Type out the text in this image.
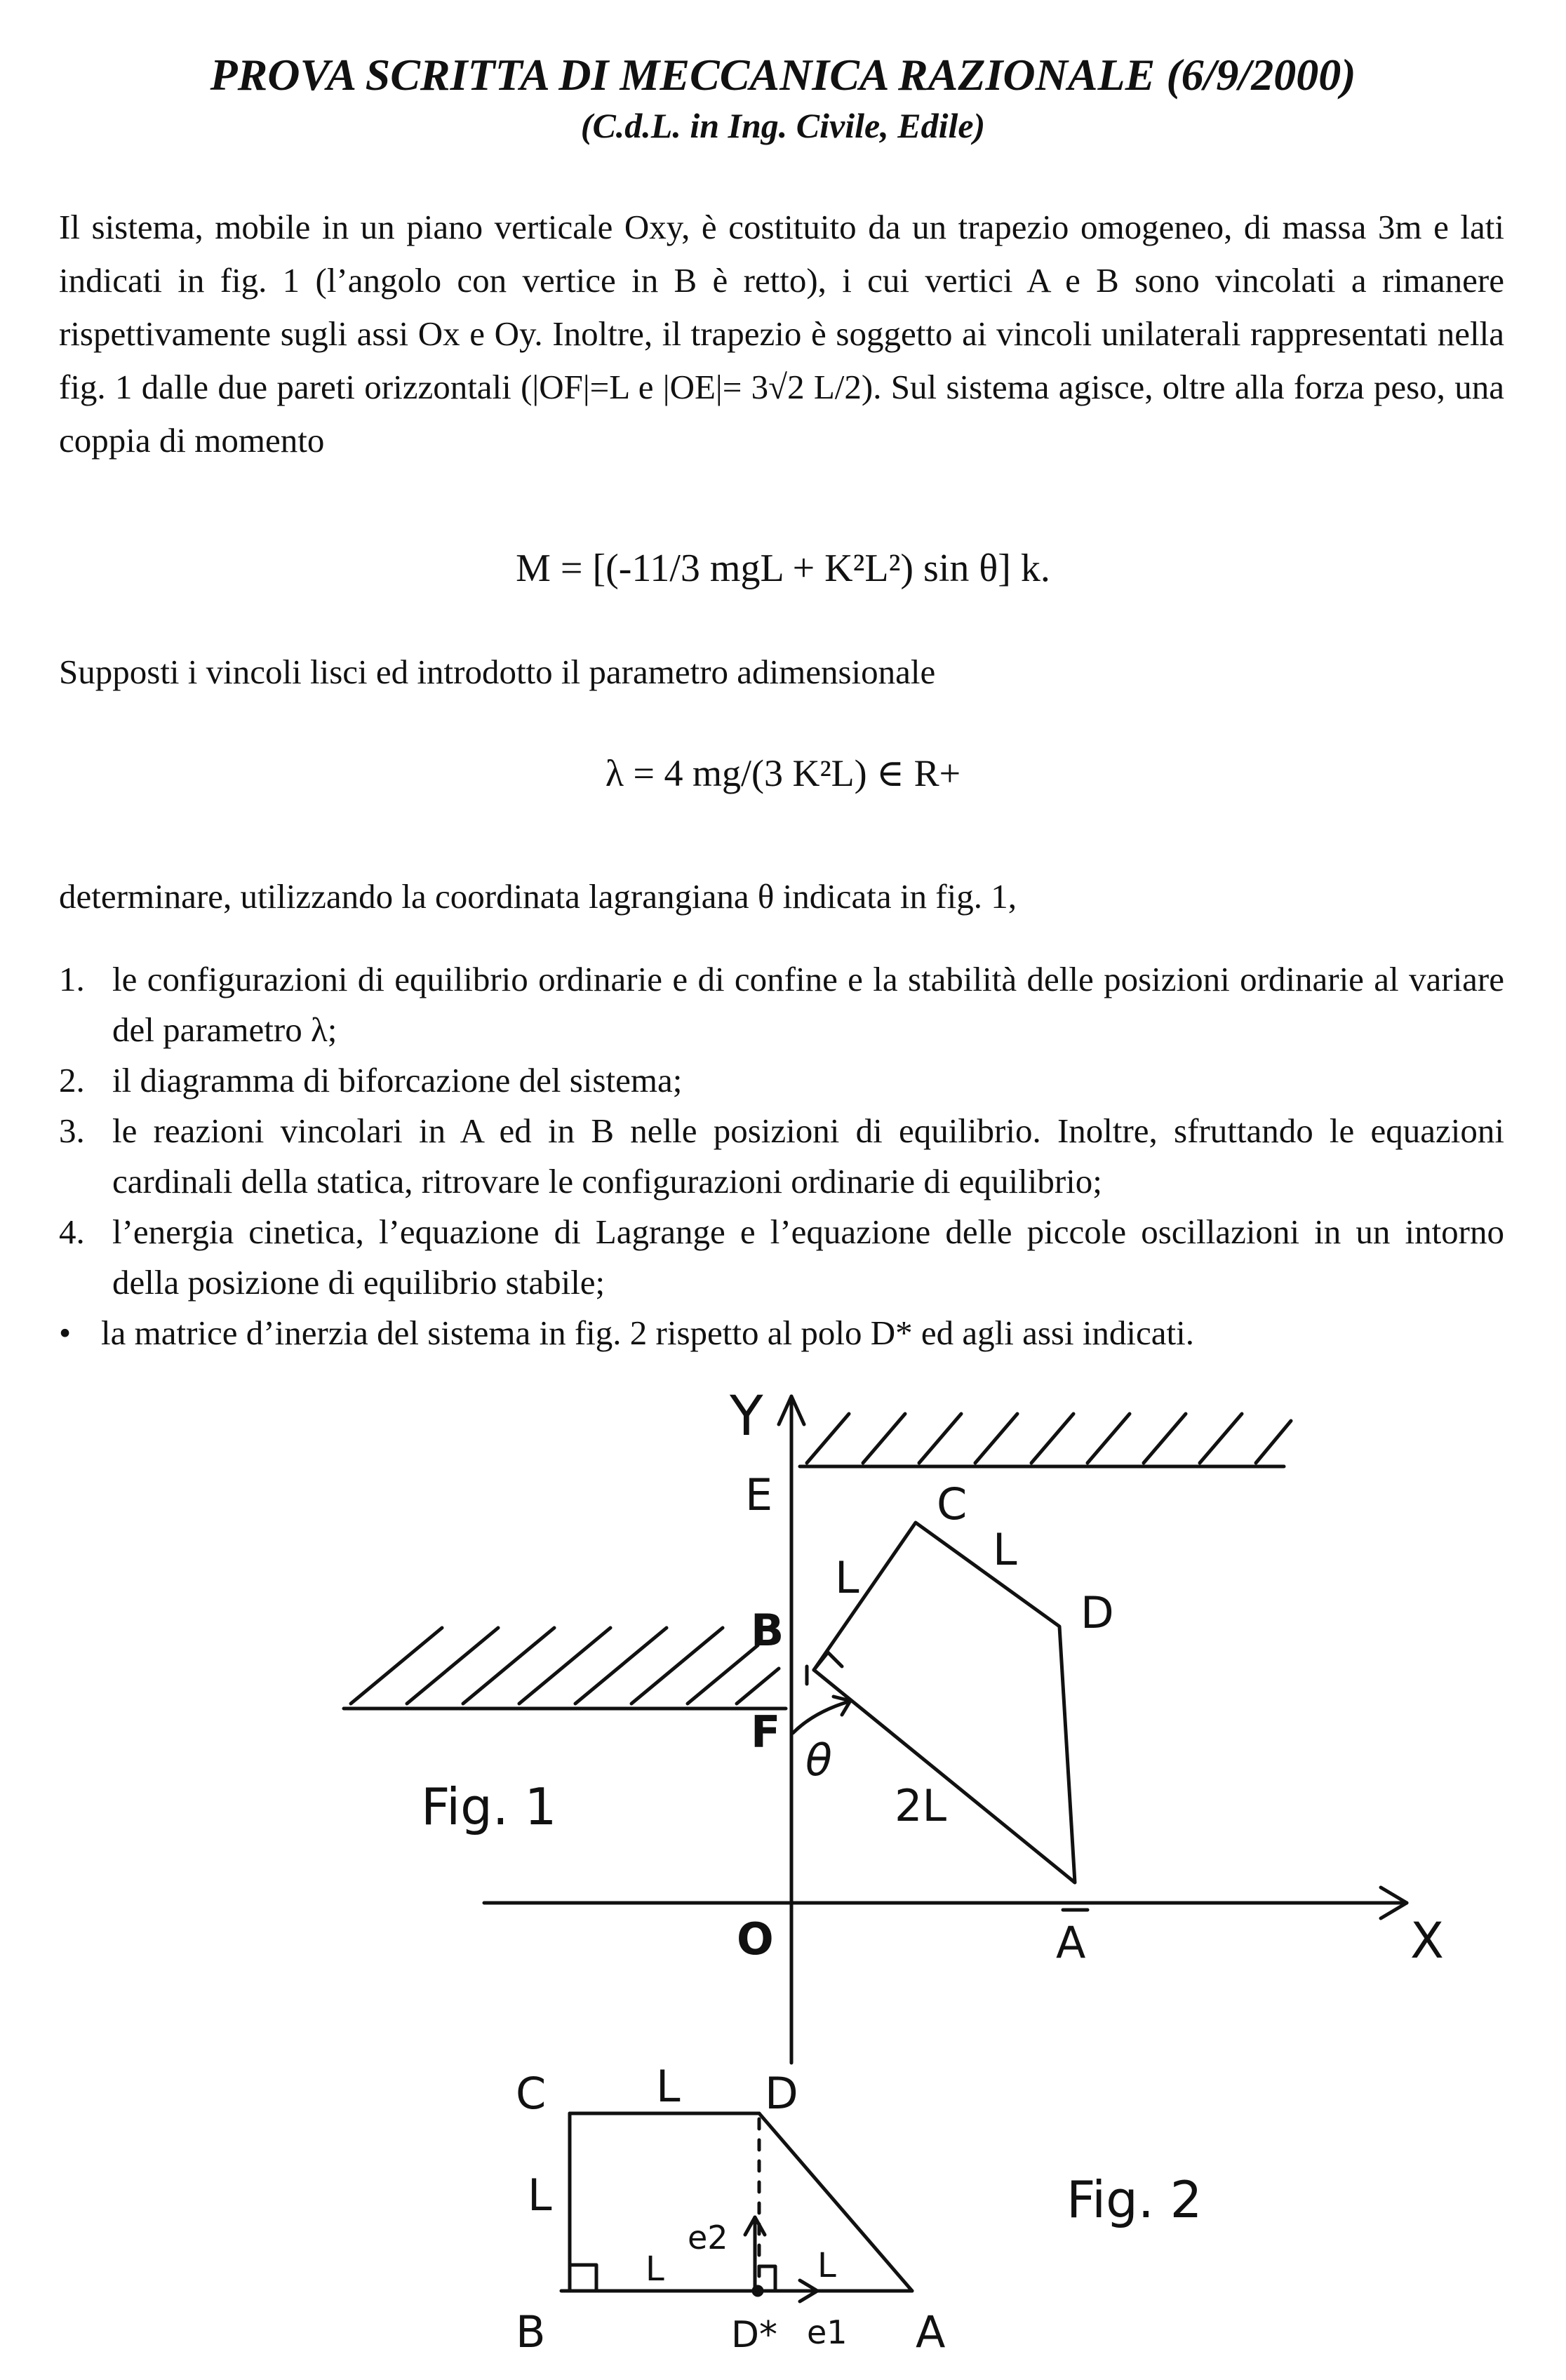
PROVA SCRITTA DI MECCANICA RAZIONALE (6/9/2000)
(C.d.L. in Ing. Civile, Edile)
Il sistema, mobile in un piano verticale Oxy, è costituito da un trapezio omogeneo, di massa 3m e lati indicati in fig. 1 (l’angolo con vertice in B è retto), i cui vertici A e B sono vincolati a rimanere rispettivamente sugli assi Ox e Oy. Inoltre, il trapezio è soggetto ai vincoli unilaterali rappresentati nella fig. 1 dalle due pareti orizzontali (|OF|=L e |OE|= 3√2 L/2). Sul sistema agisce, oltre alla forza peso, una coppia di momento
M = [(-11/3 mgL + K²L²) sin θ] k.
Supposti i vincoli lisci ed introdotto il parametro adimensionale
λ = 4 mg/(3 K²L) ∈ R+
determinare, utilizzando la coordinata lagrangiana θ indicata in fig. 1,
1. le configurazioni di equilibrio ordinarie e di confine e la stabilità delle posizioni ordinarie al variare del parametro λ;
2. il diagramma di biforcazione del sistema;
3. le reazioni vincolari in A ed in B nelle posizioni di equilibrio. Inoltre, sfruttando le equazioni cardinali della statica, ritrovare le configurazioni ordinarie di equilibrio;
4. l’energia cinetica, l’equazione di Lagrange e l’equazione delle piccole oscillazioni in un intorno della posizione di equilibrio stabile;
• la matrice d’inerzia del sistema in fig. 2 rispetto al polo D* ed agli assi indicati.
Y
X
O
E	C
D
B
F
A
L
L
2L
θ
Fig. 1
C	D
B	D*	A
L
L
L	L
e2
e1
Fig. 2
